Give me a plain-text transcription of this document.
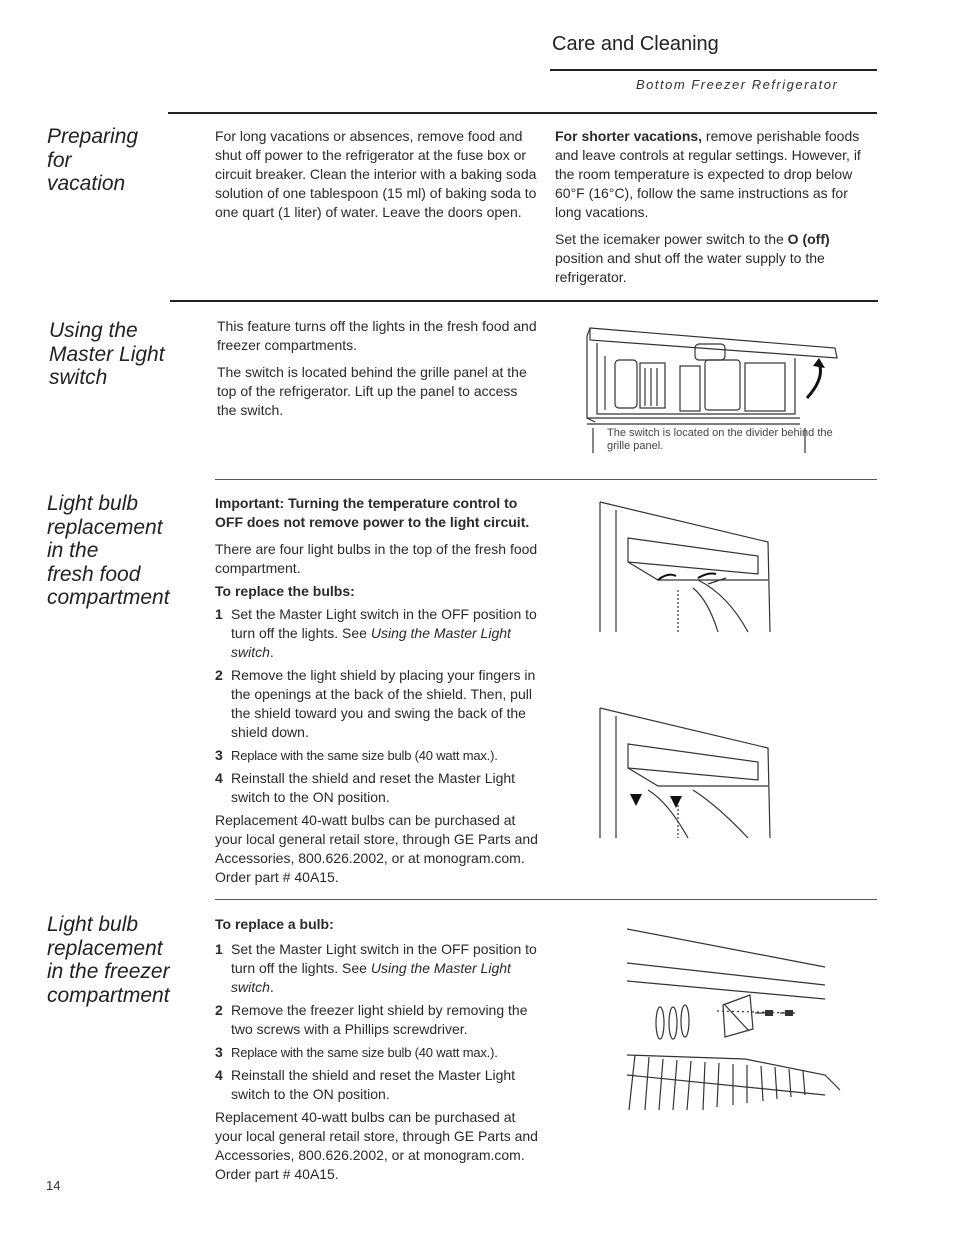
Care and Cleaning
Bottom Freezer Refrigerator
Preparing
for
vacation

For long vacations or absences, remove food and shut off power to the refrigerator at the fuse box or circuit breaker. Clean the interior with a baking soda solution of one tablespoon (15 ml) of baking soda to one quart (1 liter) of water. Leave the doors open.

For shorter vacations, remove perishable foods and leave controls at regular settings. However, if the room temperature is expected to drop below 60°F (16°C), follow the same instructions as for long vacations.

Set the icemaker power switch to the O (off) position and shut off the water supply to the refrigerator.

Using the
Master Light
switch

This feature turns off the lights in the fresh food and freezer compartments.

The switch is located behind the grille panel at the top of the refrigerator. Lift up the panel to access the switch.

The switch is located on the divider behind the grille panel.
Light bulb
replacement
in the
fresh food
compartment

Important: Turning the temperature control to OFF does not remove power to the light circuit.

There are four light bulbs in the top of the fresh food compartment.

To replace the bulbs:
1 Set the Master Light switch in the OFF position to turn off the lights. See Using the Master Light switch.
2 Remove the light shield by placing your fingers in the openings at the back of the shield. Then, pull the shield toward you and swing the back of the shield down.
3 Replace with the same size bulb (40 watt max.).
4 Reinstall the shield and reset the Master Light switch to the ON position.

Replacement 40-watt bulbs can be purchased at your local general retail store, through GE Parts and Accessories, 800.626.2002, or at monogram.com. Order part # 40A15.

Light bulb
replacement
in the freezer
compartment
To replace a bulb:
1 Set the Master Light switch in the OFF position to turn off the lights. See Using the Master Light switch.
2 Remove the freezer light shield by removing the two screws with a Phillips screwdriver.
3 Replace with the same size bulb (40 watt max.).
4 Reinstall the shield and reset the Master Light switch to the ON position.

Replacement 40-watt bulbs can be purchased at your local general retail store, through GE Parts and Accessories, 800.626.2002, or at monogram.com. Order part # 40A15.

14
